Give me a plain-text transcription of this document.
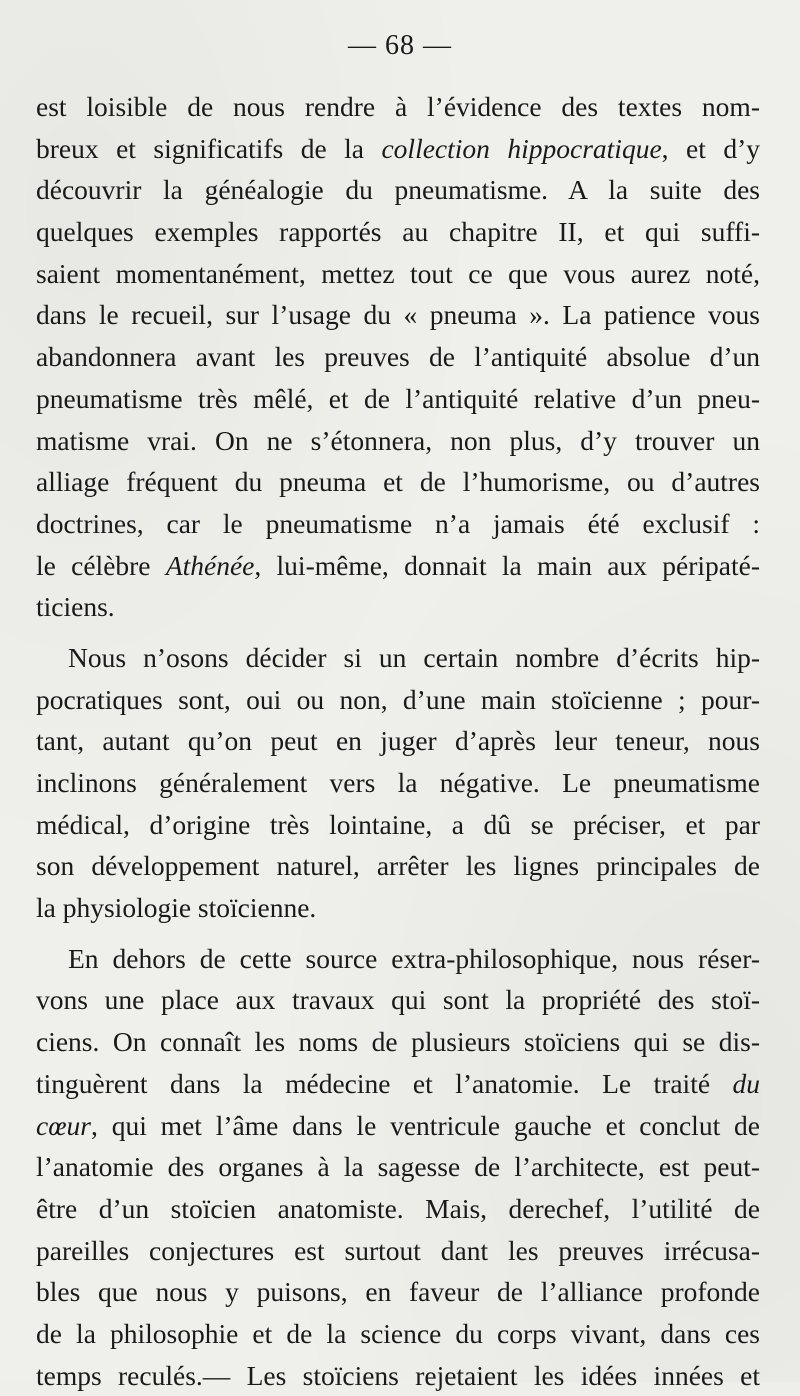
— 68 —
est loisible de nous rendre à l’évidence des textes nom-
breux et significatifs de la collection hippocratique, et d’y
découvrir la généalogie du pneumatisme. A la suite des
quelques exemples rapportés au chapitre II, et qui suffi-
saient momentanément, mettez tout ce que vous aurez noté,
dans le recueil, sur l’usage du « pneuma ». La patience vous
abandonnera avant les preuves de l’antiquité absolue d’un
pneumatisme très mêlé, et de l’antiquité relative d’un pneu-
matisme vrai. On ne s’étonnera, non plus, d’y trouver un
alliage fréquent du pneuma et de l’humorisme, ou d’autres
doctrines, car le pneumatisme n’a jamais été exclusif :
le célèbre Athénée, lui-même, donnait la main aux péripaté-
ticiens.
Nous n’osons décider si un certain nombre d’écrits hip-
pocratiques sont, oui ou non, d’une main stoïcienne ; pour-
tant, autant qu’on peut en juger d’après leur teneur, nous
inclinons généralement vers la négative. Le pneumatisme
médical, d’origine très lointaine, a dû se préciser, et par
son développement naturel, arrêter les lignes principales de
la physiologie stoïcienne.
En dehors de cette source extra-philosophique, nous réser-
vons une place aux travaux qui sont la propriété des stoï-
ciens. On connaît les noms de plusieurs stoïciens qui se dis-
tinguèrent dans la médecine et l’anatomie. Le traité du
cœur, qui met l’âme dans le ventricule gauche et conclut de
l’anatomie des organes à la sagesse de l’architecte, est peut-
être d’un stoïcien anatomiste. Mais, derechef, l’utilité de
pareilles conjectures est surtout dant les preuves irrécusa-
bles que nous y puisons, en faveur de l’alliance profonde
de la philosophie et de la science du corps vivant, dans ces
temps reculés.— Les stoïciens rejetaient les idées innées et
